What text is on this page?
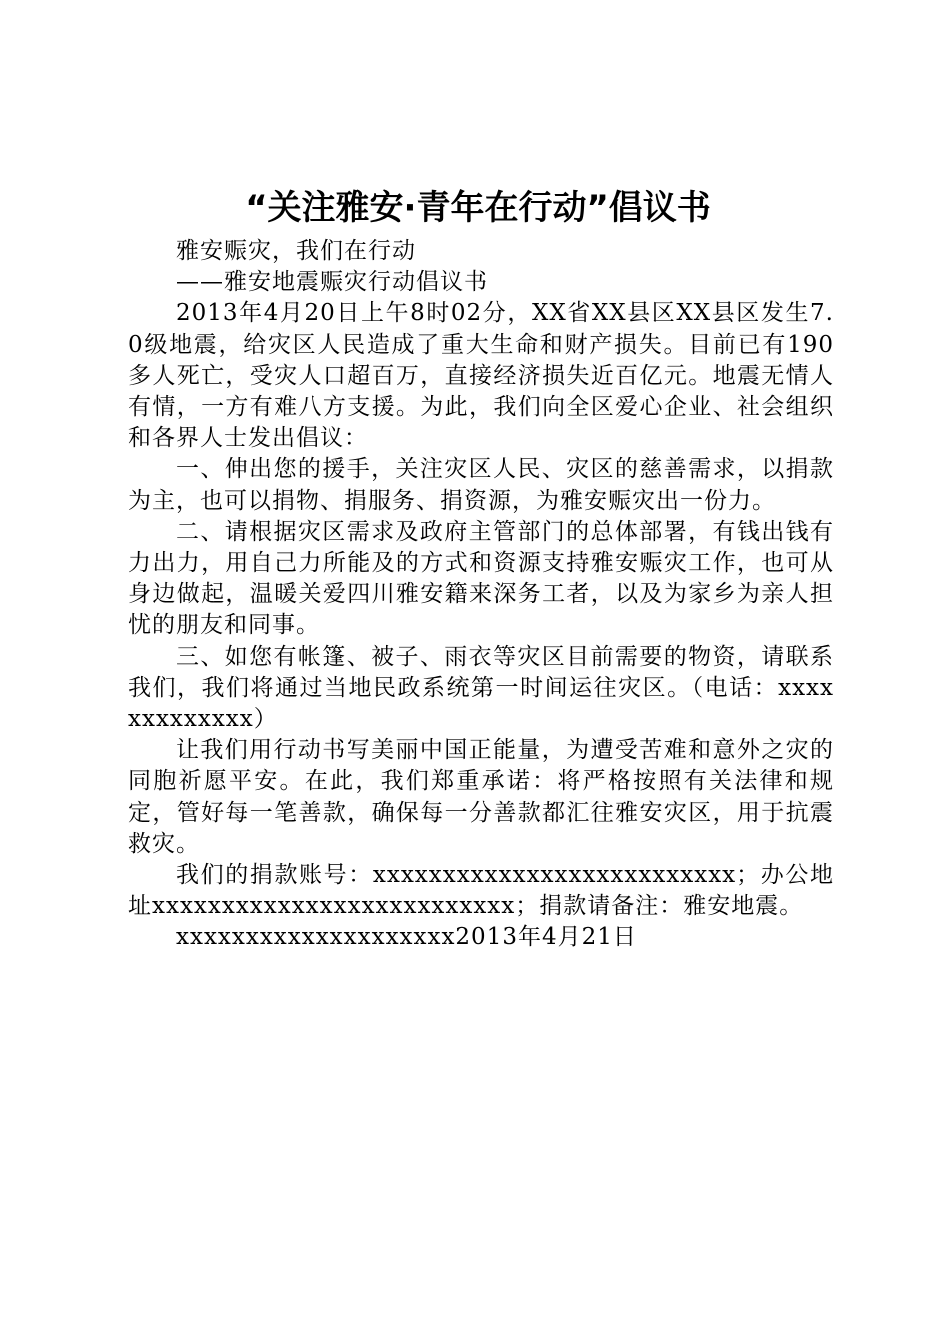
“关注雅安·青年在行动”倡议书

雅安赈灾，我们在行动

——雅安地震赈灾行动倡议书

2013年4月20日上午8时02分，XX省XX县区XX县区发生7.0级地震，给灾区人民造成了重大生命和财产损失。目前已有190多人死亡，受灾人口超百万，直接经济损失近百亿元。地震无情人有情，一方有难八方支援。为此，我们向全区爱心企业、社会组织和各界人士发出倡议：

一、伸出您的援手，关注灾区人民、灾区的慈善需求，以捐款为主，也可以捐物、捐服务、捐资源，为雅安赈灾出一份力。

二、请根据灾区需求及政府主管部门的总体部署，有钱出钱有力出力，用自己力所能及的方式和资源支持雅安赈灾工作，也可从身边做起，温暖关爱四川雅安籍来深务工者，以及为家乡为亲人担忧的朋友和同事。

三、如您有帐篷、被子、雨衣等灾区目前需要的物资，请联系我们，我们将通过当地民政系统第一时间运往灾区。（电话：xxxxxxxxxxxxx）

让我们用行动书写美丽中国正能量，为遭受苦难和意外之灾的同胞祈愿平安。在此，我们郑重承诺：将严格按照有关法律和规定，管好每一笔善款，确保每一分善款都汇往雅安灾区，用于抗震救灾。

我们的捐款账号：xxxxxxxxxxxxxxxxxxxxxxxxxx；办公地址xxxxxxxxxxxxxxxxxxxxxxxxxx；捐款请备注：雅安地震。

xxxxxxxxxxxxxxxxxxxx2013年4月21日
